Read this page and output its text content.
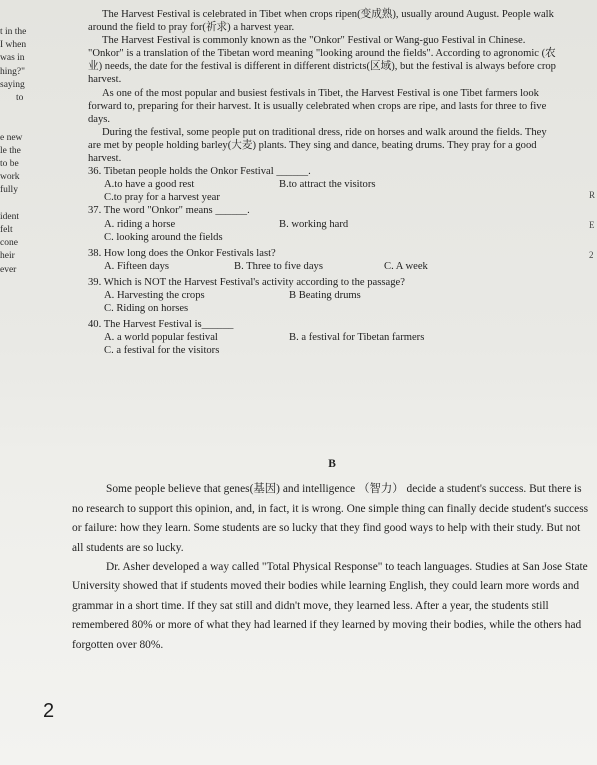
t in the
I when
was in
hing?"
saying
to

e new
le the
to be
work
fully

ident
felt
cone
heir
ever
R
E
2

The Harvest Festival is celebrated in Tibet when crops ripen(变成熟), usually around August. People walk around the field to pray for(祈求) a harvest year.

The Harvest Festival is commonly known as the "Onkor" Festival or Wang-guo Festival in Chinese. "Onkor" is a translation of the Tibetan word meaning "looking around the fields". According to agronomic (农业) needs, the date for the festival is different in different districts(区域), but the festival is always before crop harvest.

As one of the most popular and busiest festivals in Tibet, the Harvest Festival is one Tibet farmers look forward to, preparing for their harvest. It is usually celebrated when crops are ripe, and lasts for three to five days.

During the festival, some people put on traditional dress, ride on horses and walk around the fields. They are met by people holding barley(大麦) plants. They sing and dance, beating drums. They pray for a good harvest.

36. Tibetan people holds the Onkor Festival ______.

A.to have a good rest	B.to attract the visitors
C.to pray for a harvest year

37. The word "Onkor" means ______.

A. riding a horse	B. working hard
C. looking around the fields

38. How long does the Onkor Festivals last?

A. Fifteen days	B. Three to five days	C. A week

39. Which is NOT the Harvest Festival's activity according to the passage?

A. Harvesting the crops	B Beating drums
C. Riding on horses

40. The Harvest Festival is______

A. a world popular festival	B. a festival for Tibetan farmers
C. a festival for the visitors
B

Some people believe that genes(基因) and intelligence （智力） decide a student's success. But there is no research to support this opinion, and, in fact, it is wrong. One simple thing can finally decide student's success or failure: how they learn. Some students are so lucky that they find good ways to help with their study. But not all students are so lucky.

Dr. Asher developed a way called "Total Physical Response" to teach languages. Studies at San Jose State University showed that if students moved their bodies while learning English, they could learn more words and grammar in a short time. If they sat still and didn't move, they learned less. After a year, the students still remembered 80% or more of what they had learned if they learned by moving their bodies, while the others had forgotten over 80%.

2
